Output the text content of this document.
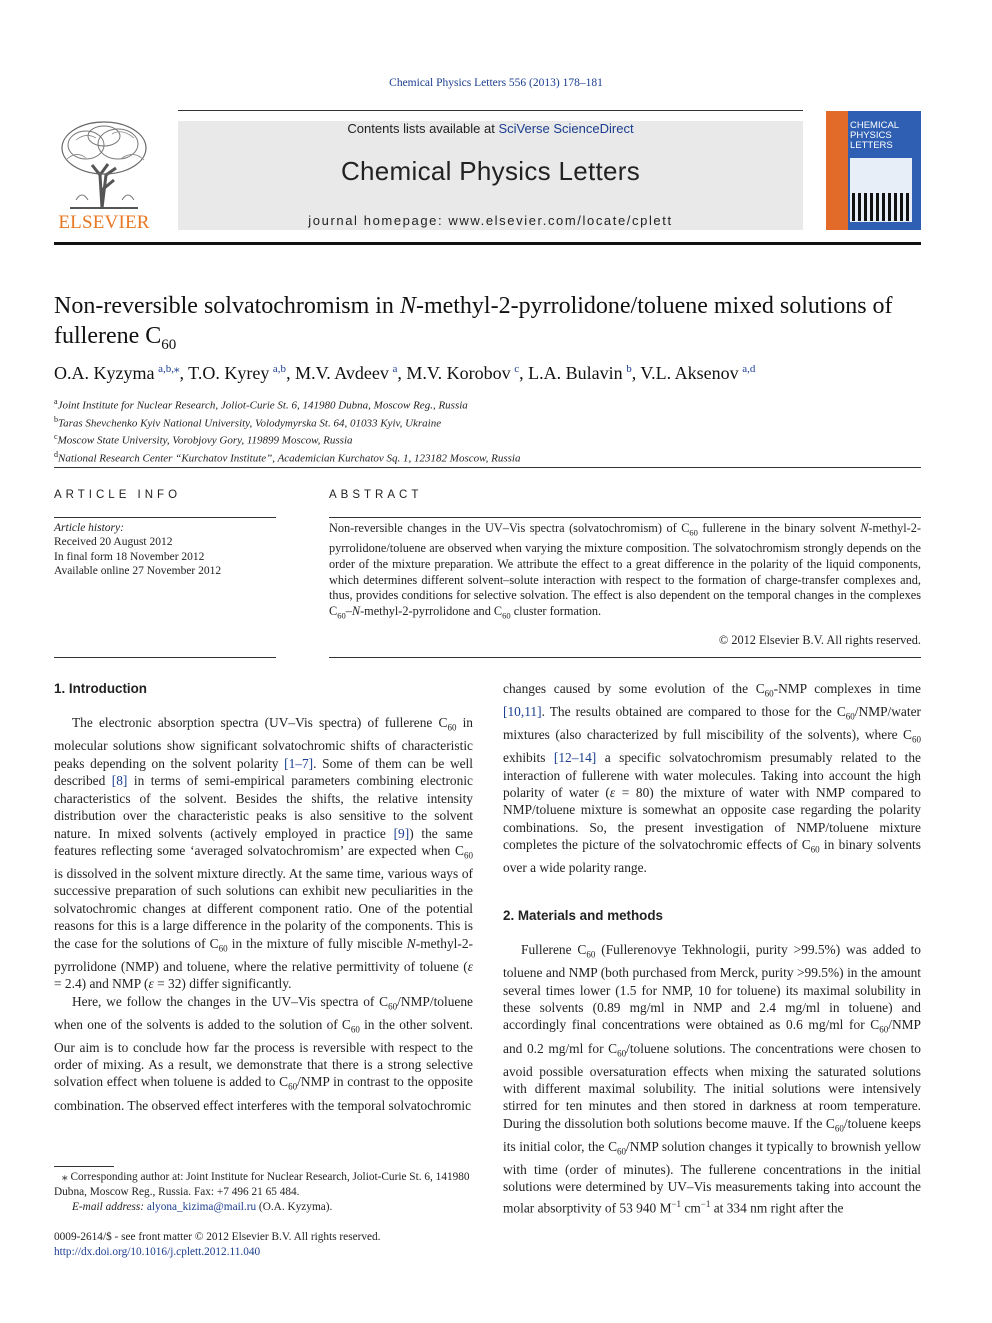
Chemical Physics Letters 556 (2013) 178–181
ELSEVIER
Contents lists available at SciVerse ScienceDirect
Chemical Physics Letters
journal homepage: www.elsevier.com/locate/cplett
CHEMICAL PHYSICS LETTERS
Non-reversible solvatochromism in N-methyl-2-pyrrolidone/toluene mixed solutions of fullerene $C_{60}$
O.A. Kyzyma  $^{a,b,⁎}$, T.O. Kyrey  $^{a,b}$, M.V. Avdeev  $^a$, M.V. Korobov  $^c$, L.A. Bulavin  $^b$, V.L. Aksenov  $^{a,d}$
$^a$Joint Institute for Nuclear Research, Joliot-Curie St. 6, 141980 Dubna, Moscow Reg., Russia
$^b$Taras Shevchenko Kyiv National University, Volodymyrska St. 64, 01033 Kyiv, Ukraine
$^c$Moscow State University, Vorobjovy Gory, 119899 Moscow, Russia
$^d$National Research Center “Kurchatov Institute”, Academician Kurchatov Sq. 1, 123182 Moscow, Russia
ARTICLE INFO
Article history:
Received 20 August 2012
In final form 18 November 2012
Available online 27 November 2012
ABSTRACT
Non-reversible changes in the UV–Vis spectra (solvatochromism) of $C_{60}$ fullerene in the binary solvent N-methyl-2-pyrrolidone/toluene are observed when varying the mixture composition. The solvatochromism strongly depends on the order of the mixture preparation. We attribute the effect to a great difference in the polarity of the liquid components, which determines different solvent–solute interaction with respect to the formation of charge-transfer complexes and, thus, provides conditions for selective solvation. The effect is also dependent on the temporal changes in the complexes $C_{60}-N-methyl-2$-pyrrolidone and $C_{60}$ cluster formation.
© 2012 Elsevier B.V. All rights reserved.
1. Introduction

The electronic absorption spectra (UV–Vis spectra) of fullerene $C_{60}$ in molecular solutions show significant solvatochromic shifts of characteristic peaks depending on the solvent polarity [1–7]. Some of them can be well described [8] in terms of semi-empirical parameters combining electronic characteristics of the solvent. Besides the shifts, the relative intensity distribution over the characteristic peaks is also sensitive to the solvent nature. In mixed solvents (actively employed in practice [9]) the same features reflecting some ‘averaged solvatochromism’ are expected when $C_{60}$ is dissolved in the solvent mixture directly. At the same time, various ways of successive preparation of such solutions can exhibit new peculiarities in the solvatochromic changes at different component ratio. One of the potential reasons for this is a large difference in the polarity of the components. This is the case for the solutions of $C_{60}$ in the mixture of fully miscible N-methyl-2-pyrrolidone (NMP) and toluene, where the relative permittivity of toluene (ε = 2.4) and NMP (ε = 32) differ significantly.

Here, we follow the changes in the UV–Vis spectra of $C_{60}/NMP$/toluene when one of the solvents is added to the solution of $C_{60}$ in the other solvent. Our aim is to conclude how far the process is reversible with respect to the order of mixing. As a result, we demonstrate that there is a strong selective solvation effect when toluene is added to $C_{60}$/NMP in contrast to the opposite combination. The observed effect interferes with the temporal solvatochromic

⁎ Corresponding author at: Joint Institute for Nuclear Research, Joliot-Curie St. 6, 141980 Dubna, Moscow Reg., Russia. Fax: +7 496 21 65 484.
E-mail address: alyona_kizima@mail.ru (O.A. Kyzyma).
0009-2614/$ - see front matter © 2012 Elsevier B.V. All rights reserved.
http://dx.doi.org/10.1016/j.cplett.2012.11.040

changes caused by some evolution of the $C_{60}$-NMP complexes in time [10,11]. The results obtained are compared to those for the $C_{60}/NMP$/water mixtures (also characterized by full miscibility of the solvents), where $C_{60}$ exhibits [12–14] a specific solvatochromism presumably related to the interaction of fullerene with water molecules. Taking into account the high polarity of water (ε = 80) the mixture of water with NMP compared to NMP/toluene mixture is somewhat an opposite case regarding the polarity combinations. So, the present investigation of NMP/toluene mixture completes the picture of the solvatochromic effects of $C_{60}$ in binary solvents over a wide polarity range.

2. Materials and methods

Fullerene $C_{60}$ (Fullerenovye Tekhnologii, purity >99.5%) was added to toluene and NMP (both purchased from Merck, purity >99.5%) in the amount several times lower (1.5 for NMP, 10 for toluene) its maximal solubility in these solvents (0.89 mg/ml in NMP and 2.4 mg/ml in toluene) and accordingly final concentrations were obtained as 0.6 mg/ml for $C_{60}$/NMP and 0.2 mg/ml for $C_{60}$/toluene solutions. The concentrations were chosen to avoid possible oversaturation effects when mixing the saturated solutions with different maximal solubility. The initial solutions were intensively stirred for ten minutes and then stored in darkness at room temperature. During the dissolution both solutions become mauve. If the $C_{60}$/toluene keeps its initial color, the $C_{60}$/NMP solution changes it typically to brownish yellow with time (order of minutes). The fullerene concentrations in the initial solutions were determined by UV–Vis measurements taking into account the molar absorptivity of 53 940 $M^{-1}$ $cm^{-1}$ at 334 nm right after the
